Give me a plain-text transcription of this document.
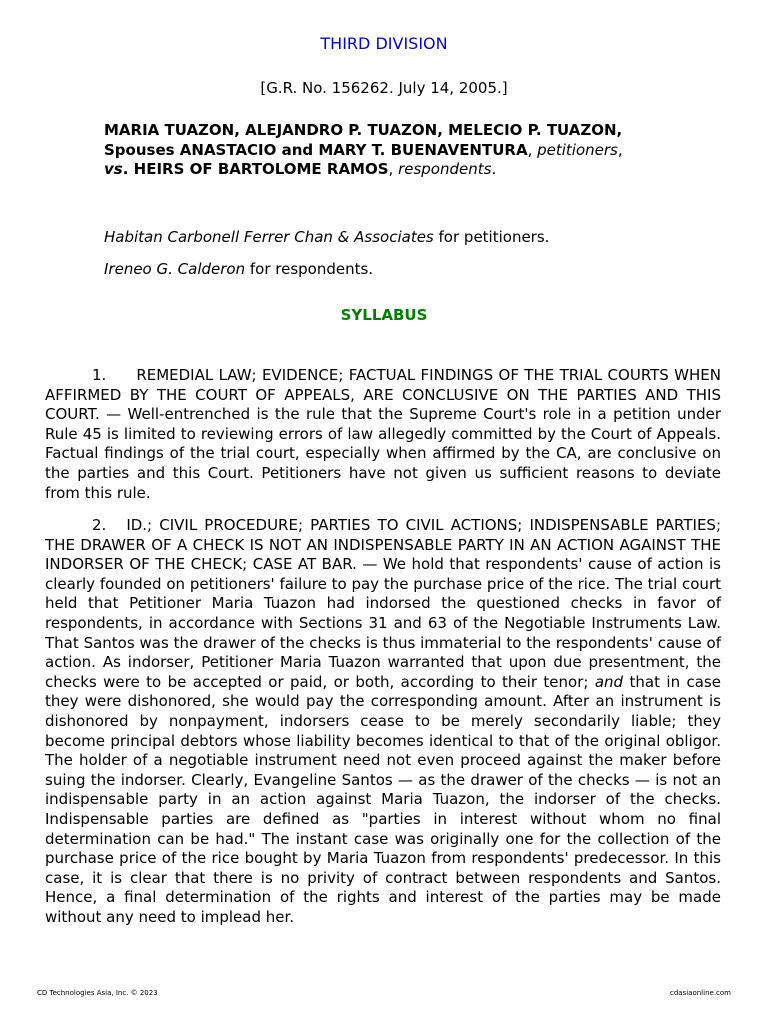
THIRD DIVISION
[G.R. No. 156262. July 14, 2005.]
MARIA TUAZON, ALEJANDRO P. TUAZON, MELECIO P. TUAZON, Spouses ANASTACIO and MARY T. BUENAVENTURA, petitioners, vs. HEIRS OF BARTOLOME RAMOS, respondents.
Habitan Carbonell Ferrer Chan & Associates for petitioners.
Ireneo G. Calderon for respondents.
SYLLABUS
1. REMEDIAL LAW; EVIDENCE; FACTUAL FINDINGS OF THE TRIAL COURTS WHEN AFFIRMED BY THE COURT OF APPEALS, ARE CONCLUSIVE ON THE PARTIES AND THIS COURT. — Well-entrenched is the rule that the Supreme Court's role in a petition under Rule 45 is limited to reviewing errors of law allegedly committed by the Court of Appeals. Factual findings of the trial court, especially when affirmed by the CA, are conclusive on the parties and this Court. Petitioners have not given us sufficient reasons to deviate from this rule.
2. ID.; CIVIL PROCEDURE; PARTIES TO CIVIL ACTIONS; INDISPENSABLE PARTIES; THE DRAWER OF A CHECK IS NOT AN INDISPENSABLE PARTY IN AN ACTION AGAINST THE INDORSER OF THE CHECK; CASE AT BAR. — We hold that respondents' cause of action is clearly founded on petitioners' failure to pay the purchase price of the rice. The trial court held that Petitioner Maria Tuazon had indorsed the questioned checks in favor of respondents, in accordance with Sections 31 and 63 of the Negotiable Instruments Law. That Santos was the drawer of the checks is thus immaterial to the respondents' cause of action. As indorser, Petitioner Maria Tuazon warranted that upon due presentment, the checks were to be accepted or paid, or both, according to their tenor; and that in case they were dishonored, she would pay the corresponding amount. After an instrument is dishonored by nonpayment, indorsers cease to be merely secondarily liable; they become principal debtors whose liability becomes identical to that of the original obligor. The holder of a negotiable instrument need not even proceed against the maker before suing the indorser. Clearly, Evangeline Santos — as the drawer of the checks — is not an indispensable party in an action against Maria Tuazon, the indorser of the checks. Indispensable parties are defined as "parties in interest without whom no final determination can be had." The instant case was originally one for the collection of the purchase price of the rice bought by Maria Tuazon from respondents' predecessor. In this case, it is clear that there is no privity of contract between respondents and Santos. Hence, a final determination of the rights and interest of the parties may be made without any need to implead her.
CD Technologies Asia, Inc. © 2023	cdasiaonline.com
